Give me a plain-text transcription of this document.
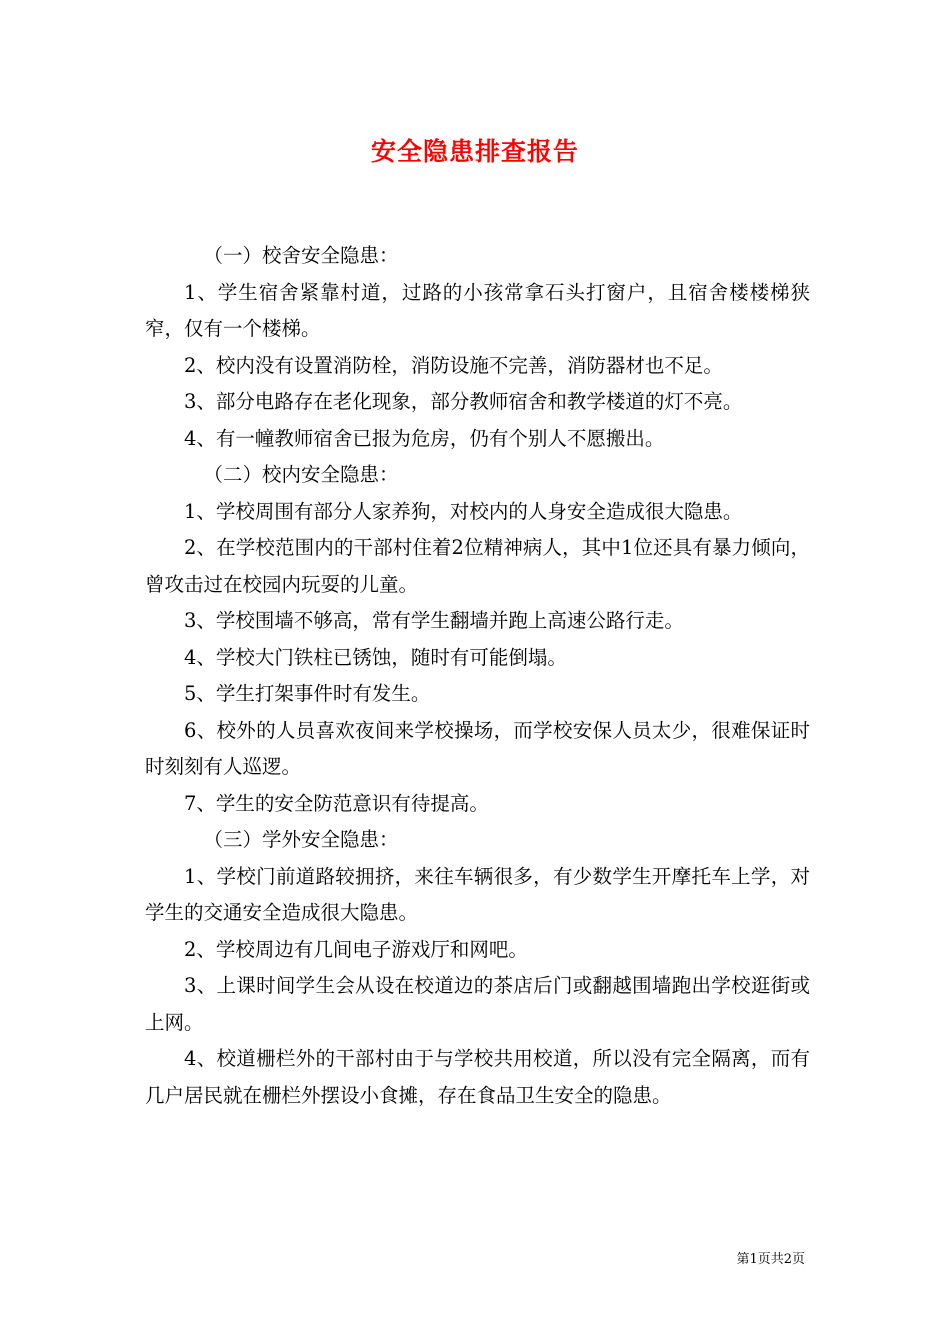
安全隐患排查报告

（一）校舍安全隐患：

1、学生宿舍紧靠村道，过路的小孩常拿石头打窗户，且宿舍楼楼梯狭窄，仅有一个楼梯。

2、校内没有设置消防栓，消防设施不完善，消防器材也不足。

3、部分电路存在老化现象，部分教师宿舍和教学楼道的灯不亮。

4、有一幢教师宿舍已报为危房，仍有个别人不愿搬出。

（二）校内安全隐患：

1、学校周围有部分人家养狗，对校内的人身安全造成很大隐患。

2、在学校范围内的干部村住着2位精神病人，其中1位还具有暴力倾向，曾攻击过在校园内玩耍的儿童。

3、学校围墙不够高，常有学生翻墙并跑上高速公路行走。

4、学校大门铁柱已锈蚀，随时有可能倒塌。

5、学生打架事件时有发生。

6、校外的人员喜欢夜间来学校操场，而学校安保人员太少，很难保证时时刻刻有人巡逻。

7、学生的安全防范意识有待提高。

（三）学外安全隐患：

1、学校门前道路较拥挤，来往车辆很多，有少数学生开摩托车上学，对学生的交通安全造成很大隐患。

2、学校周边有几间电子游戏厅和网吧。

3、上课时间学生会从设在校道边的茶店后门或翻越围墙跑出学校逛街或上网。

4、校道栅栏外的干部村由于与学校共用校道，所以没有完全隔离，而有几户居民就在栅栏外摆设小食摊，存在食品卫生安全的隐患。

第1页共2页
